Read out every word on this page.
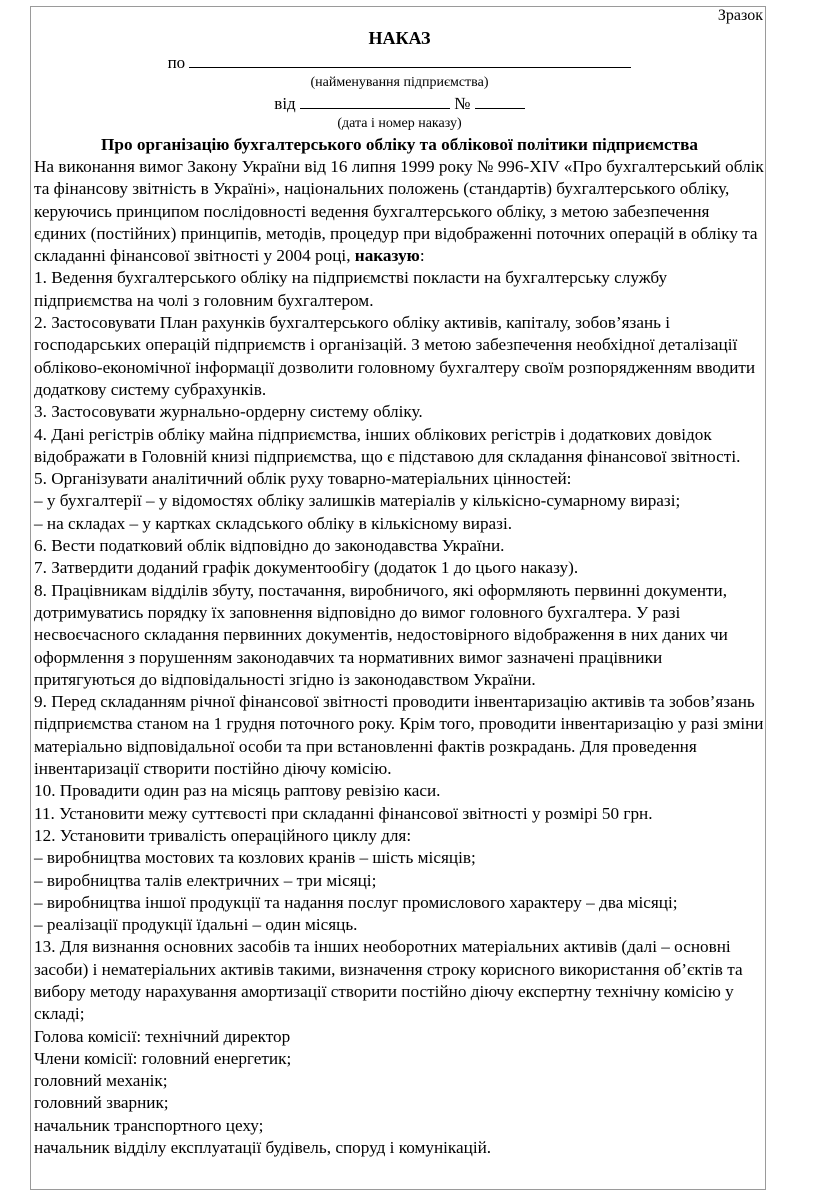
Зразок
НАКАЗ
по
(найменування підприємства)
від	№
(дата і номер наказу)
Про організацію бухгалтерського обліку та облікової політики підприємства

На виконання вимог Закону України від 16 липня 1999 року № 996-XIV «Про бухгалтерський облік та фінансову звітність в Україні», національних положень (стандартів) бухгалтерського обліку, керуючись принципом послідовності ведення бухгалтерського обліку, з метою забезпечення єдиних (постійних) принципів, методів, процедур при відображенні поточних операцій в обліку та складанні фінансової звітності у 2004 році, наказую:

1. Ведення бухгалтерського обліку на підприємстві покласти на бухгалтерську службу підприємства на чолі з головним бухгалтером.

2. Застосовувати План рахунків бухгалтерського обліку активів, капіталу, зобов’язань і господарських операцій підприємств і організацій. З метою забезпечення необхідної деталізації обліково-економічної інформації дозволити головному бухгалтеру своїм розпорядженням вводити додаткову систему субрахунків.

3. Застосовувати журнально-ордерну систему обліку.

4. Дані регістрів обліку майна підприємства, інших облікових регістрів і додаткових довідок відображати в Головній книзі підприємства, що є підставою для складання фінансової звітності.

5. Організувати аналітичний облік руху товарно-матеріальних цінностей:

– у бухгалтерії – у відомостях обліку залишків матеріалів у кількісно-сумарному виразі;

– на складах – у картках складського обліку в кількісному виразі.

6. Вести податковий облік відповідно до законодавства України.

7. Затвердити доданий графік документообігу (додаток 1 до цього наказу).

8. Працівникам відділів збуту, постачання, виробничого, які оформляють первинні документи, дотримуватись порядку їх заповнення відповідно до вимог головного бухгалтера. У разі несвоєчасного складання первинних документів, недостовірного відображення в них даних чи оформлення з порушенням законодавчих та нормативних вимог зазначені працівники притягуються до відповідальності згідно із законодавством України.

9. Перед складанням річної фінансової звітності проводити інвентаризацію активів та зобов’язань підприємства станом на 1 грудня поточного року. Крім того, проводити інвентаризацію у разі зміни матеріально відповідальної особи та при встановленні фактів розкрадань. Для проведення інвентаризації створити постійно діючу комісію.

10. Провадити один раз на місяць раптову ревізію каси.

11. Установити межу суттєвості при складанні фінансової звітності у розмірі 50 грн.

12. Установити тривалість операційного циклу для:

– виробництва мостових та козлових кранів – шість місяців;

– виробництва талів електричних – три місяці;

– виробництва іншої продукції та надання послуг промислового характеру – два місяці;

– реалізації продукції їдальні – один місяць.

13. Для визнання основних засобів та інших необоротних матеріальних активів (далі – основні засоби) і нематеріальних активів такими, визначення строку корисного використання об’єктів та вибору методу нарахування амортизації створити постійно діючу експертну технічну комісію у складі;

Голова комісії: технічний директор

Члени комісії: головний енергетик;

головний механік;

головний зварник;

начальник транспортного цеху;

начальник відділу експлуатації будівель, споруд і комунікацій.
